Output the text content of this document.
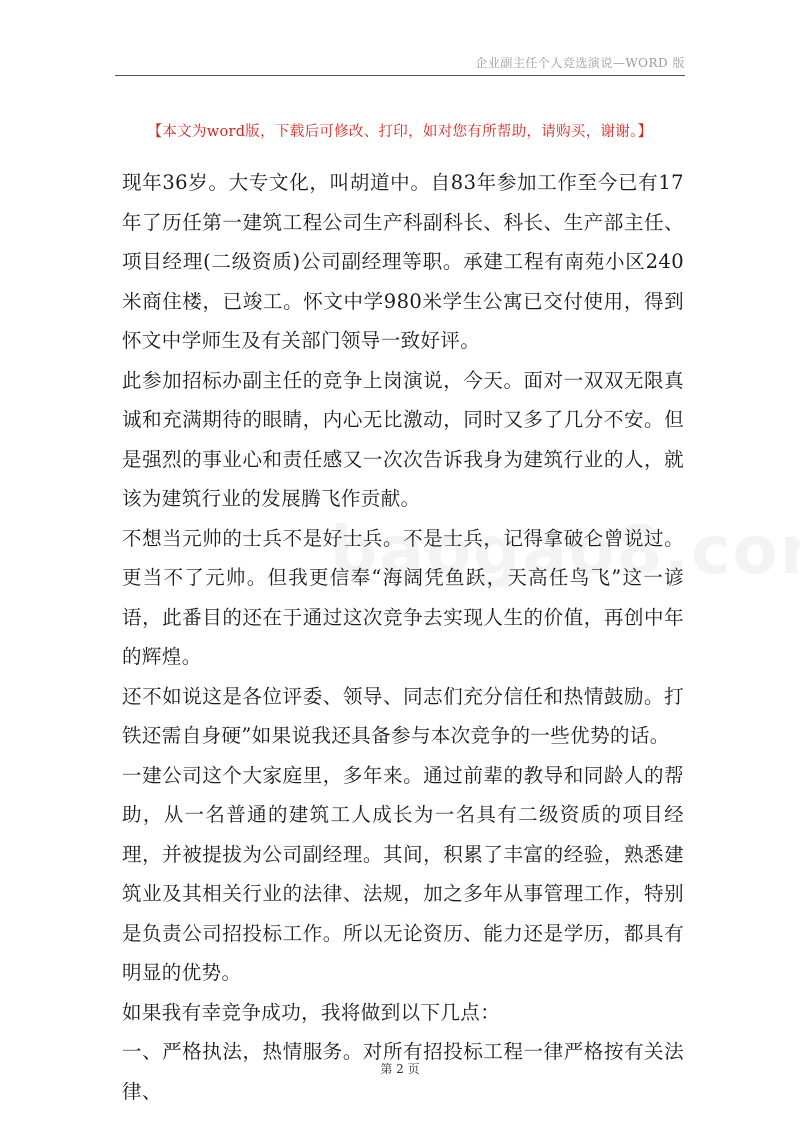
企业副主任个人竞选演说—WORD 版
【本文为word版，下载后可修改、打印，如对您有所帮助，请购买，谢谢。】

现年36岁。大专文化，叫胡道中。自83年参加工作至今已有17年了历任第一建筑工程公司生产科副科长、科长、生产部主任、项目经理(二级资质)公司副经理等职。承建工程有南苑小区240米商住楼，已竣工。怀文中学980米学生公寓已交付使用，得到怀文中学师生及有关部门领导一致好评。

此参加招标办副主任的竞争上岗演说，今天。面对一双双无限真诚和充满期待的眼睛，内心无比激动，同时又多了几分不安。但是强烈的事业心和责任感又一次次告诉我身为建筑行业的人，就该为建筑行业的发展腾飞作贡献。

不想当元帅的士兵不是好士兵。不是士兵，记得拿破仑曾说过。更当不了元帅。但我更信奉“海阔凭鱼跃，天高任鸟飞”这一谚语，此番目的还在于通过这次竞争去实现人生的价值，再创中年的辉煌。

还不如说这是各位评委、领导、同志们充分信任和热情鼓励。打铁还需自身硬”如果说我还具备参与本次竞争的一些优势的话。

一建公司这个大家庭里，多年来。通过前辈的教导和同龄人的帮助，从一名普通的建筑工人成长为一名具有二级资质的项目经理，并被提拔为公司副经理。其间，积累了丰富的经验，熟悉建筑业及其相关行业的法律、法规，加之多年从事管理工作，特别是负责公司招投标工作。所以无论资历、能力还是学历，都具有明显的优势。

如果我有幸竞争成功，我将做到以下几点：

一、严格执法，热情服务。对所有招投标工程一律严格按有关法律、

第 2 页
